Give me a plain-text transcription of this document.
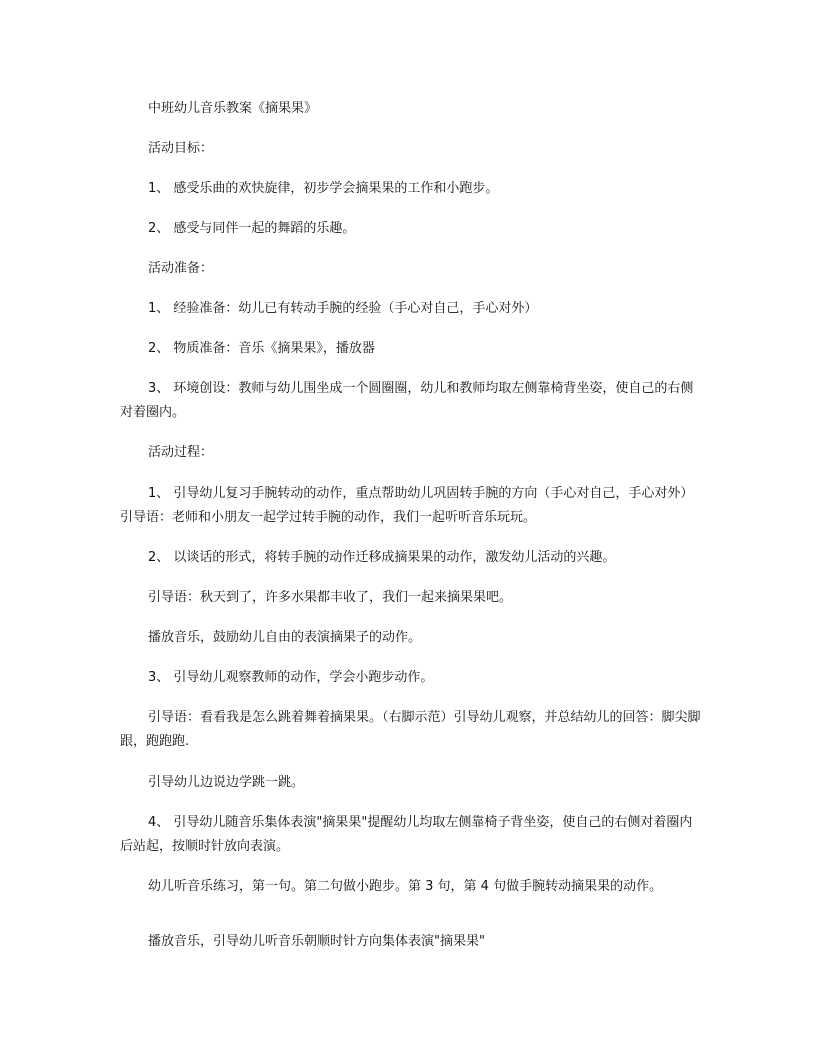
中班幼儿音乐教案《摘果果》

活动目标：

1、 感受乐曲的欢快旋律，初步学会摘果果的工作和小跑步。

2、 感受与同伴一起的舞蹈的乐趣。

活动准备：

1、 经验准备：幼儿已有转动手腕的经验（手心对自己，手心对外）

2、 物质准备：音乐《摘果果》，播放器

3、 环境创设：教师与幼儿围坐成一个圆圈圈，幼儿和教师均取左侧靠椅背坐姿，使自己的右侧对着圈内。

活动过程：

1、 引导幼儿复习手腕转动的动作，重点帮助幼儿巩固转手腕的方向（手心对自己，手心对外）引导语：老师和小朋友一起学过转手腕的动作，我们一起听听音乐玩玩。

2、 以谈话的形式，将转手腕的动作迁移成摘果果的动作，激发幼儿活动的兴趣。

引导语：秋天到了，许多水果都丰收了，我们一起来摘果果吧。

播放音乐，鼓励幼儿自由的表演摘果子的动作。

3、 引导幼儿观察教师的动作，学会小跑步动作。

引导语：看看我是怎么跳着舞着摘果果。（右脚示范）引导幼儿观察，并总结幼儿的回答：脚尖脚跟，跑跑跑.

引导幼儿边说边学跳一跳。

4、 引导幼儿随音乐集体表演"摘果果"提醒幼儿均取左侧靠椅子背坐姿，使自己的右侧对着圈内后站起，按顺时针放向表演。

幼儿听音乐练习，第一句。第二句做小跑步。第 3 句，第 4 句做手腕转动摘果果的动作。

播放音乐，引导幼儿听音乐朝顺时针方向集体表演"摘果果"
